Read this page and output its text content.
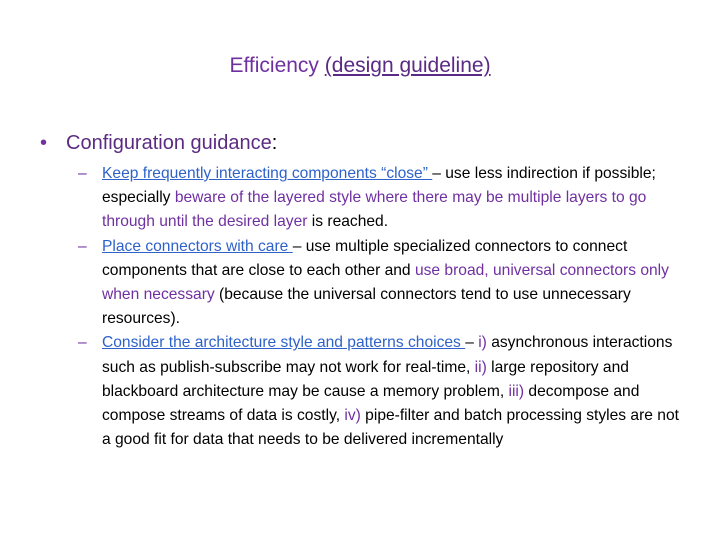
Efficiency (design guideline)
• Configuration guidance:
– Keep frequently interacting components “close” – use less indirection if possible; especially beware of the layered style where there may be multiple layers to go through until the desired layer is reached.
– Place connectors with care – use multiple specialized connectors to connect components that are close to each other and use broad, universal connectors only when necessary (because the universal connectors tend to use unnecessary resources).
– Consider the architecture style and patterns choices – i) asynchronous interactions such as publish-subscribe may not work for real-time, ii) large repository and blackboard architecture may be cause a memory problem, iii) decompose and compose streams of data is costly, iv) pipe-filter and batch processing styles are not a good fit for data that needs to be delivered incrementally
